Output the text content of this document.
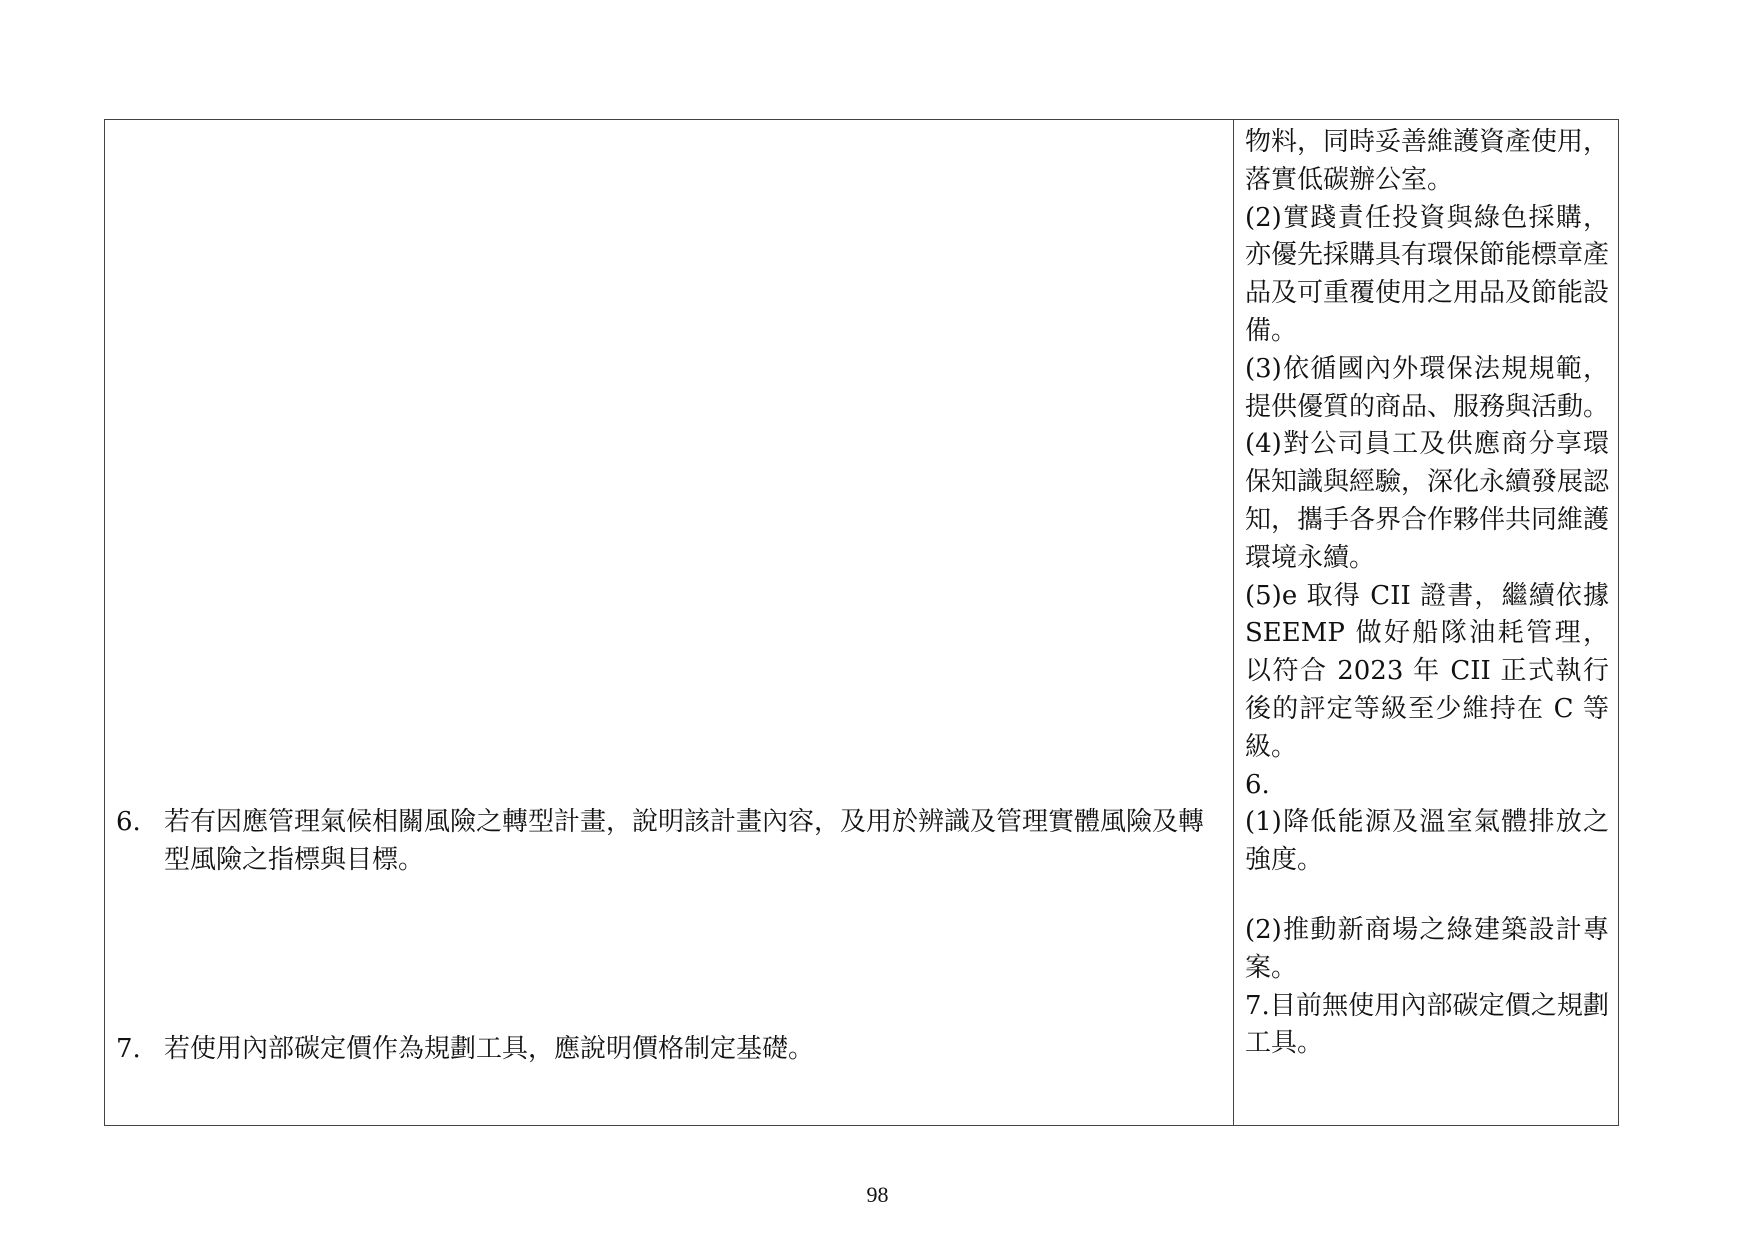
6. 若有因應管理氣候相關風險之轉型計畫，說明該計畫內容，及用於辨識及管理實體風險及轉型風險之指標與目標。
7. 若使用內部碳定價作為規劃工具，應說明價格制定基礎。

物料，同時妥善維護資產使用，落實低碳辦公室。

(2)實踐責任投資與綠色採購，亦優先採購具有環保節能標章產品及可重覆使用之用品及節能設備。

(3)依循國內外環保法規規範，提供優質的商品、服務與活動。

(4)對公司員工及供應商分享環保知識與經驗，深化永續發展認知，攜手各界合作夥伴共同維護環境永續。

(5)e 取得 CII 證書，繼續依據 SEEMP 做好船隊油耗管理，以符合 2023 年 CII 正式執行後的評定等級至少維持在 C 等級。

6.

(1)降低能源及溫室氣體排放之強度。

(2)推動新商場之綠建築設計專案。

7.目前無使用內部碳定價之規劃工具。

98
